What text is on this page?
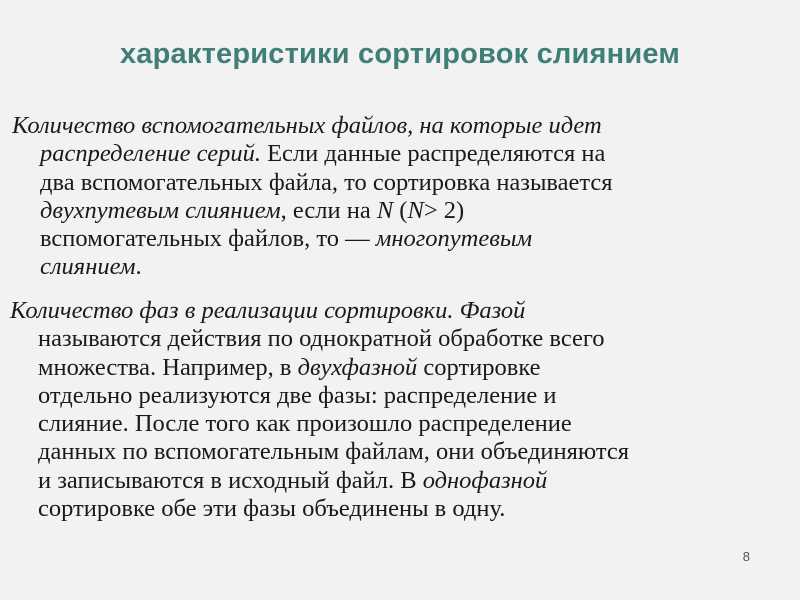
характеристики сортировок слиянием
Количество вспомогательных файлов, на которые идет
распределение серий. Если данные распределяются на
два вспомогательных файла, то сортировка называется
двухпутевым слиянием, если на N (N> 2)
вспомогательных файлов, то — многопутевым
слиянием.
Количество фаз в реализации сортировки. Фазой
называются действия по однократной обработке всего
множества. Например, в двухфазной сортировке
отдельно реализуются две фазы: распределение и
слияние. После того как произошло распределение
данных по вспомогательным файлам, они объединяются
и записываются в исходный файл. В однофазной
сортировке обе эти фазы объединены в одну.
8
